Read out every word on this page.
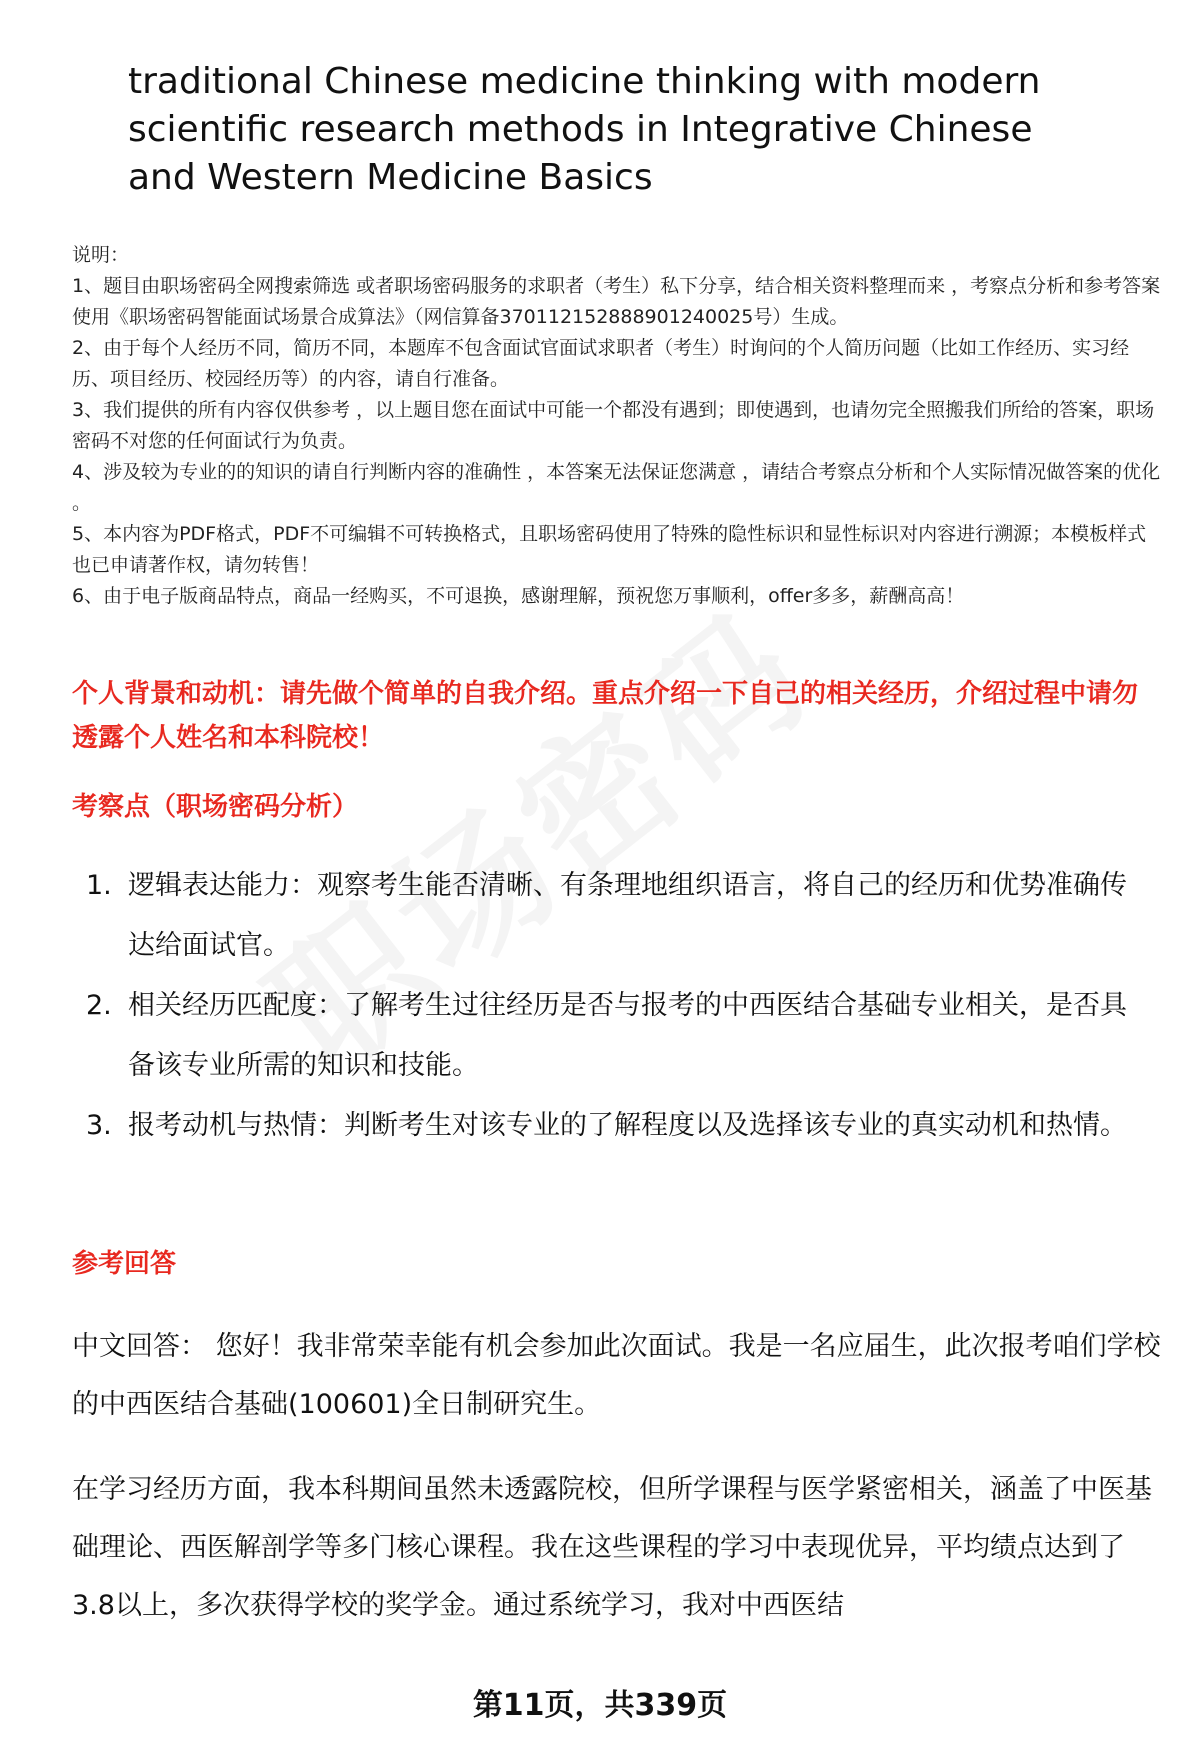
traditional Chinese medicine thinking with modern scientific research methods in Integrative Chinese and Western Medicine Basics

说明：

1、题目由职场密码全网搜索筛选 或者职场密码服务的求职者（考生）私下分享，结合相关资料整理而来 ，考察点分析和参考答案使用《职场密码智能面试场景合成算法》（网信算备370112152888901240025号）生成。

2、由于每个人经历不同，简历不同，本题库不包含面试官面试求职者（考生）时询问的个人简历问题（比如工作经历、实习经历、项目经历、校园经历等）的内容，请自行准备。

3、我们提供的所有内容仅供参考 ，以上题目您在面试中可能一个都没有遇到；即使遇到，也请勿完全照搬我们所给的答案，职场密码不对您的任何面试行为负责。

4、涉及较为专业的的知识的请自行判断内容的准确性 ，本答案无法保证您满意 ，请结合考察点分析和个人实际情况做答案的优化 。

5、本内容为PDF格式，PDF不可编辑不可转换格式，且职场密码使用了特殊的隐性标识和显性标识对内容进行溯源；本模板样式也已申请著作权，请勿转售！

6、由于电子版商品特点，商品一经购买，不可退换，感谢理解，预祝您万事顺利，offer多多，薪酬高高！

个人背景和动机：请先做个简单的自我介绍。重点介绍一下自己的相关经历，介绍过程中请勿透露个人姓名和本科院校！
考察点（职场密码分析）
1. 逻辑表达能力：观察考生能否清晰、有条理地组织语言，将自己的经历和优势准确传达给面试官。
2. 相关经历匹配度：了解考生过往经历是否与报考的中西医结合基础专业相关，是否具备该专业所需的知识和技能。
3. 报考动机与热情：判断考生对该专业的了解程度以及选择该专业的真实动机和热情。
参考回答

中文回答： 您好！我非常荣幸能有机会参加此次面试。我是一名应届生，此次报考咱们学校的中西医结合基础(100601)全日制研究生。

在学习经历方面，我本科期间虽然未透露院校，但所学课程与医学紧密相关，涵盖了中医基础理论、西医解剖学等多门核心课程。我在这些课程的学习中表现优异，平均绩点达到了3.8以上，多次获得学校的奖学金。通过系统学习，我对中西医结

第11页，共339页
